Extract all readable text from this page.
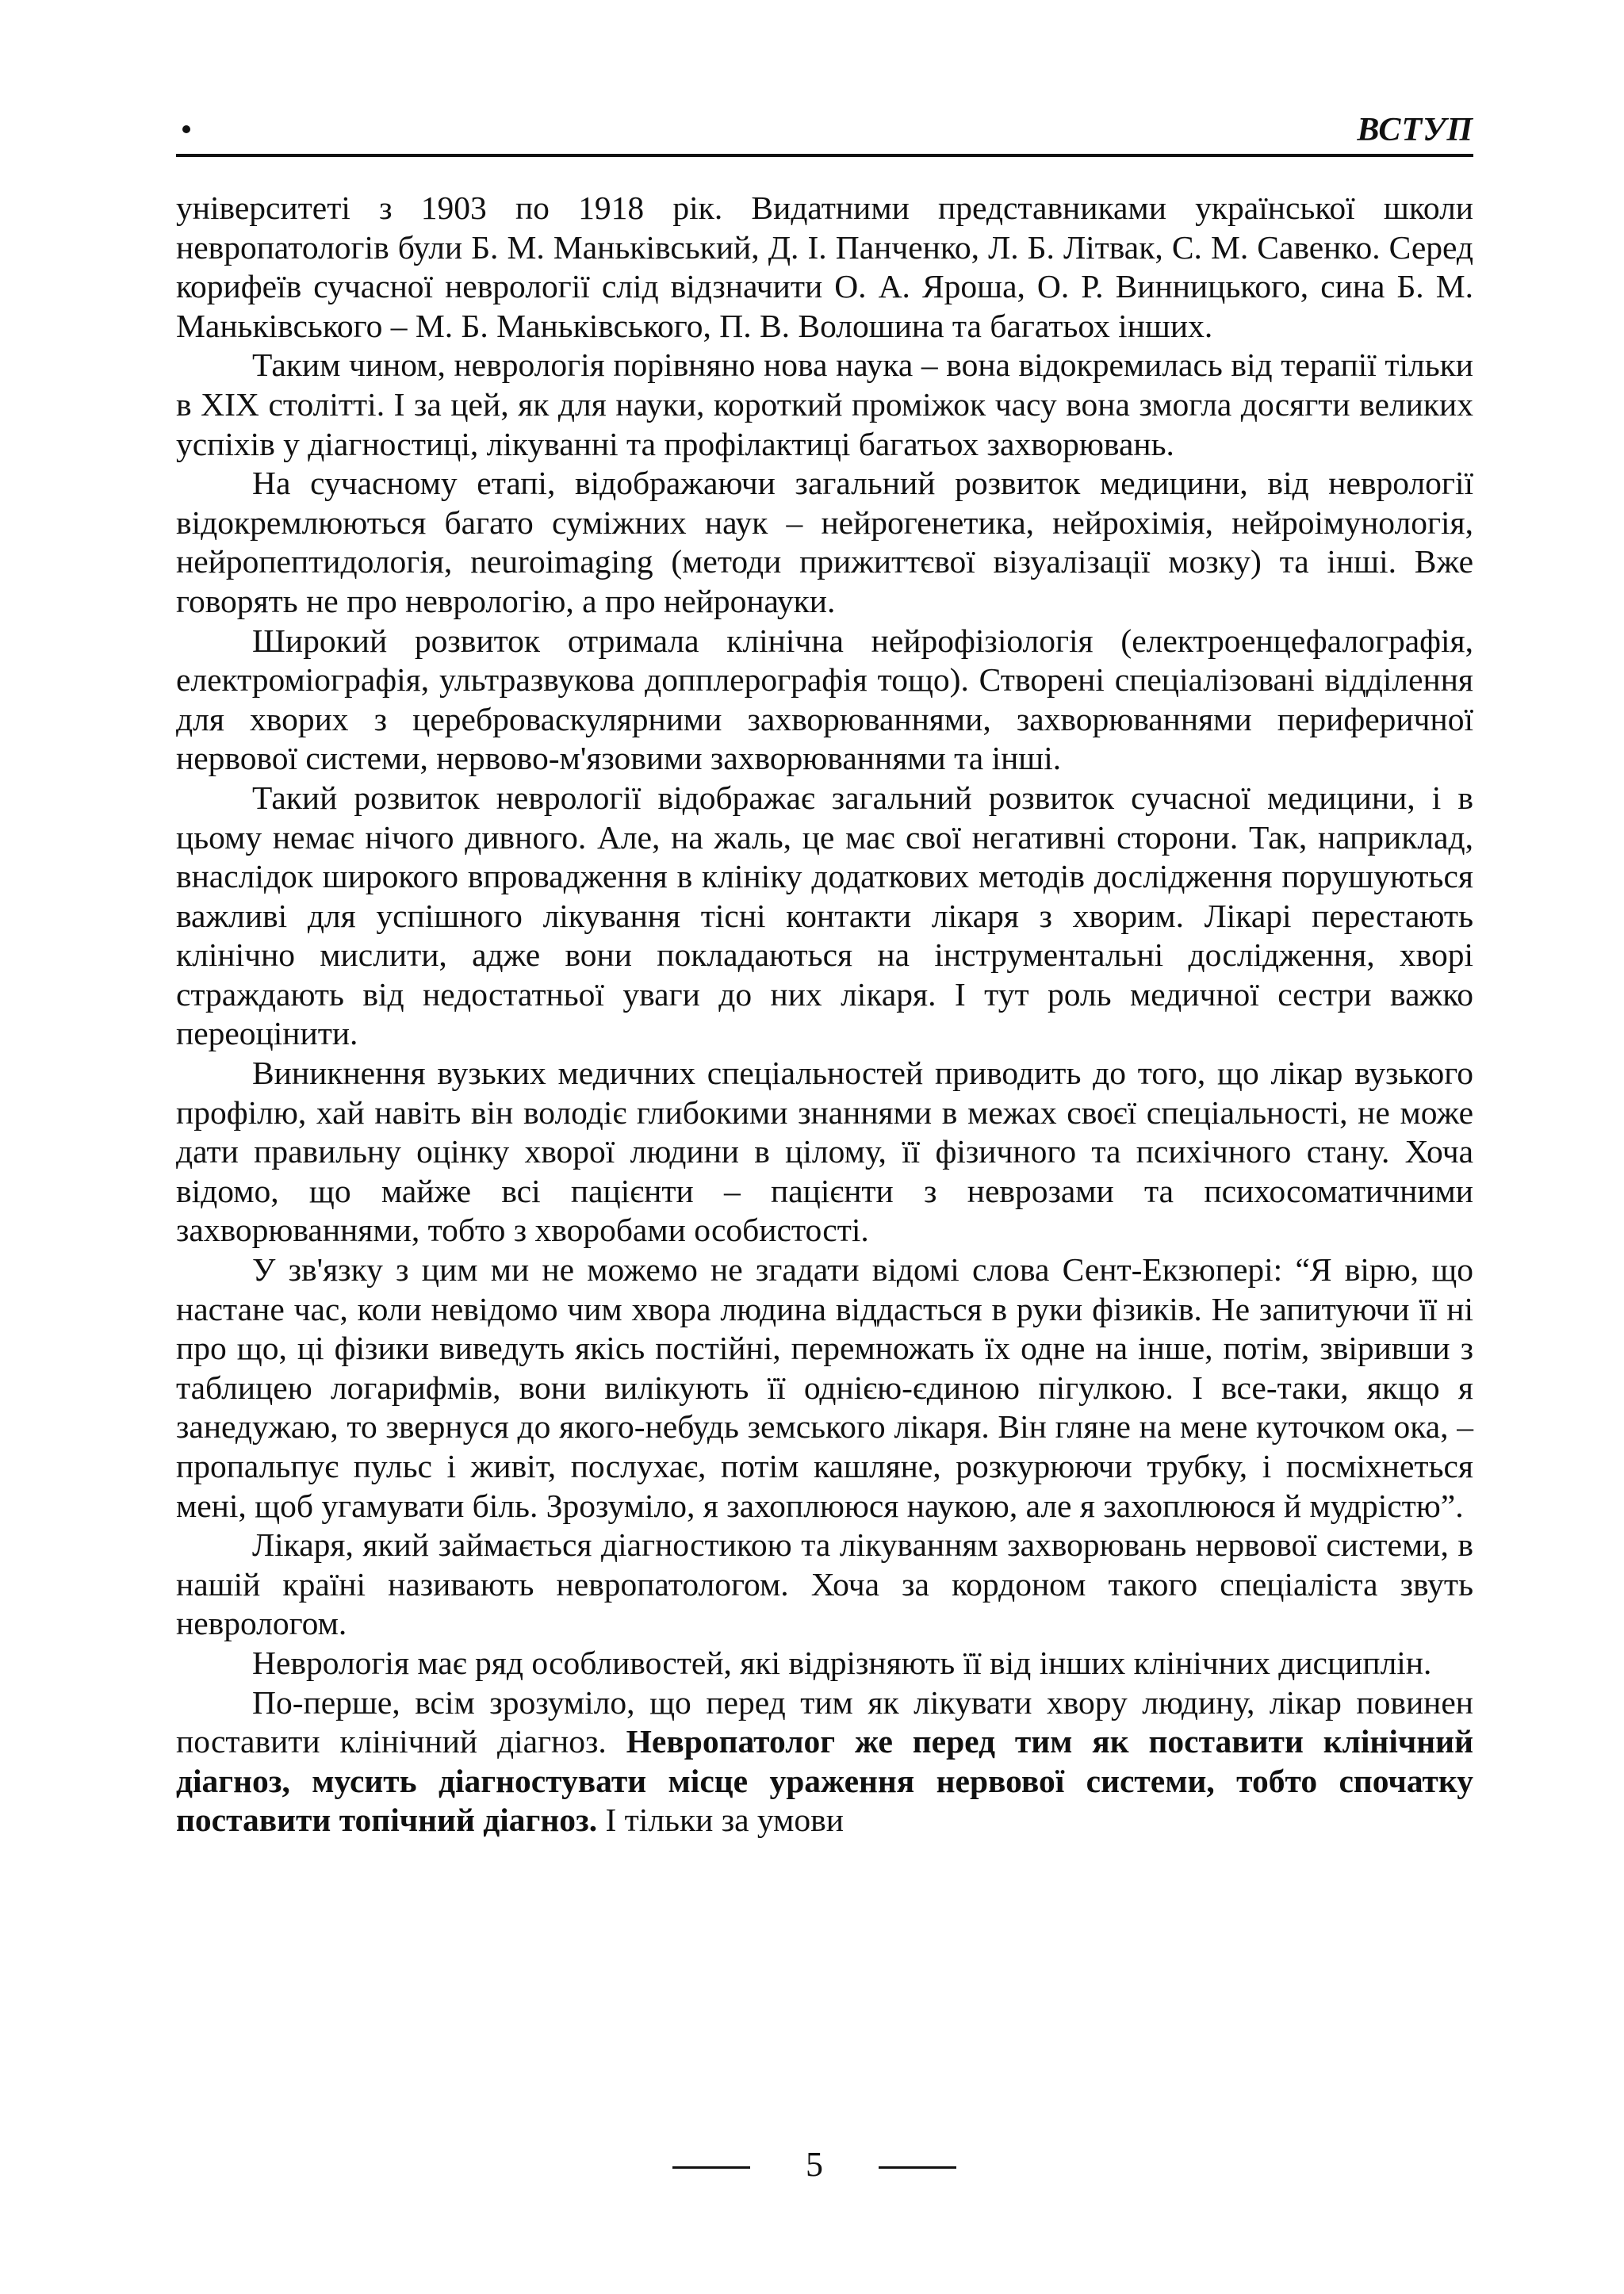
ВСТУП

університеті з 1903 по 1918 рік. Видатними представниками української школи невропатологів були Б. М. Маньківський, Д. І. Панченко, Л. Б. Літвак, С. М. Савенко. Серед корифеїв сучасної неврології слід відзначити О. А. Яроша, О. Р. Винницького, сина Б. М. Маньківського – М. Б. Маньківського, П. В. Волошина та багатьох інших.

Таким чином, неврологія порівняно нова наука – вона відокремилась від терапії тільки в XIX столітті. І за цей, як для науки, короткий проміжок часу вона змогла досягти великих успіхів у діагностиці, лікуванні та профілактиці багатьох захворювань.

На сучасному етапі, відображаючи загальний розвиток медицини, від неврології відокремлюються багато суміжних наук – нейрогенетика, нейрохімія, нейроімунологія, нейропептидологія, neuroimaging (методи прижиттєвої візуалізації мозку) та інші. Вже говорять не про неврологію, а про нейронауки.

Широкий розвиток отримала клінічна нейрофізіологія (електроенцефалографія, електроміографія, ультразвукова допплерографія тощо). Створені спеціалізовані відділення для хворих з цереброваскулярними захворюваннями, захворюваннями периферичної нервової системи, нервово-м'язовими захворюваннями та інші.

Такий розвиток неврології відображає загальний розвиток сучасної медицини, і в цьому немає нічого дивного. Але, на жаль, це має свої негативні сторони. Так, наприклад, внаслідок широкого впровадження в клініку додаткових методів дослідження порушуються важливі для успішного лікування тісні контакти лікаря з хворим. Лікарі перестають клінічно мислити, адже вони покладаються на інструментальні дослідження, хворі страждають від недостатньої уваги до них лікаря. І тут роль медичної сестри важко переоцінити.

Виникнення вузьких медичних спеціальностей приводить до того, що лікар вузького профілю, хай навіть він володіє глибокими знаннями в межах своєї спеціальності, не може дати правильну оцінку хворої людини в цілому, її фізичного та психічного стану. Хоча відомо, що майже всі пацієнти – пацієнти з неврозами та психосоматичними захворюваннями, тобто з хворобами особистості.

У зв'язку з цим ми не можемо не згадати відомі слова Сент-Екзюпері: “Я вірю, що настане час, коли невідомо чим хвора людина віддасться в руки фізиків. Не запитуючи її ні про що, ці фізики виведуть якісь постійні, перемножать їх одне на інше, потім, звіривши з таблицею логарифмів, вони вилікують її однією-єдиною пігулкою. І все-таки, якщо я занедужаю, то звернуся до якого-небудь земського лікаря. Він гляне на мене куточком ока, – пропальпує пульс і живіт, послухає, потім кашляне, розкурюючи трубку, і посміхнеться мені, щоб угамувати біль. Зрозуміло, я захоплююся наукою, але я захоплююся й мудрістю”.

Лікаря, який займається діагностикою та лікуванням захворювань нервової системи, в нашій країні називають невропатологом. Хоча за кордоном такого спеціаліста звуть неврологом.

Неврологія має ряд особливостей, які відрізняють її від інших клінічних дисциплін.

По-перше, всім зрозуміло, що перед тим як лікувати хвору людину, лікар повинен поставити клінічний діагноз. Невропатолог же перед тим як поставити клінічний діагноз, мусить діагностувати місце ураження нервової системи, тобто спочатку поставити топічний діагноз. І тільки за умови

5
